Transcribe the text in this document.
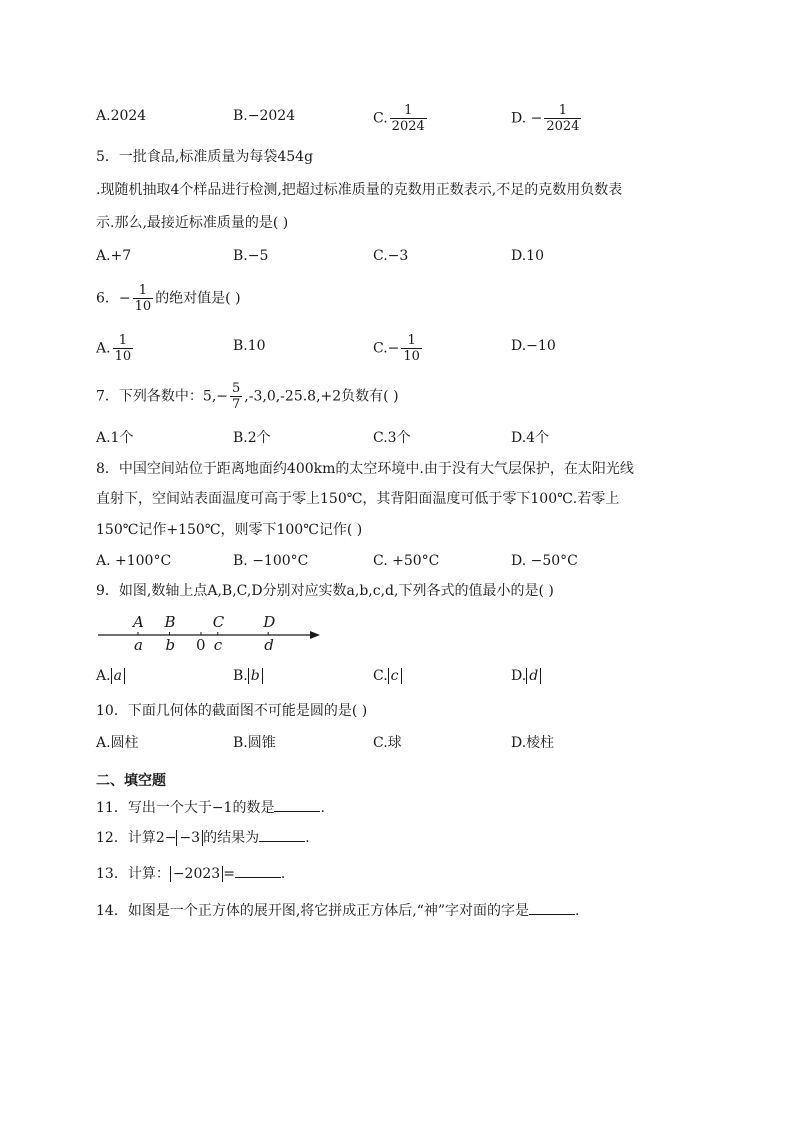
A.2024	B.−2024	C. $\frac{1}{2024}$	D. − $\frac{1}{2024}$
5．一批食品,标准质量为每袋454g
.现随机抽取4个样品进行检测,把超过标准质量的克数用正数表示,不足的克数用负数表
示.那么,最接近标准质量的是( )
A.+7	B.−5	C.−3	D.10
6．− $\frac{1}{10}$ 的绝对值是( )
A. $\frac{1}{10}$	B.10	$C.- \frac{1}{10}$	D.−10
7．下列各数中：$5,- \frac{5}{7} ,-3,0,-25.8,+2$负数有( )
A.1个	B.2个	C.3个	D.4个
8．中国空间站位于距离地面约400km的太空环境中.由于没有大气层保护，在太阳光线
直射下，空间站表面温度可高于零上150℃，其背阳面温度可低于零下100℃.若零上
150℃记作+150℃，则零下100℃记作( )
A. +100°C	B. −100°C	C. +50°C	D. −50°C
9．如图,数轴上点A,B,C,D分别对应实数a,b,c,d,下列各式的值最小的是( )
A
a
B
b
C
c
D
d
0
A. a	B. b	C. c	D. d
10．下面几何体的截面图不可能是圆的是( )
A.圆柱	B.圆锥	C.球	D.棱柱
二、填空题
11．写出一个大于−1的数是	.
12．计算2− −3 的结果为	.
13．计算： −2023 =	.
14．如图是一个正方体的展开图,将它拼成正方体后,“神”字对面的字是	.
